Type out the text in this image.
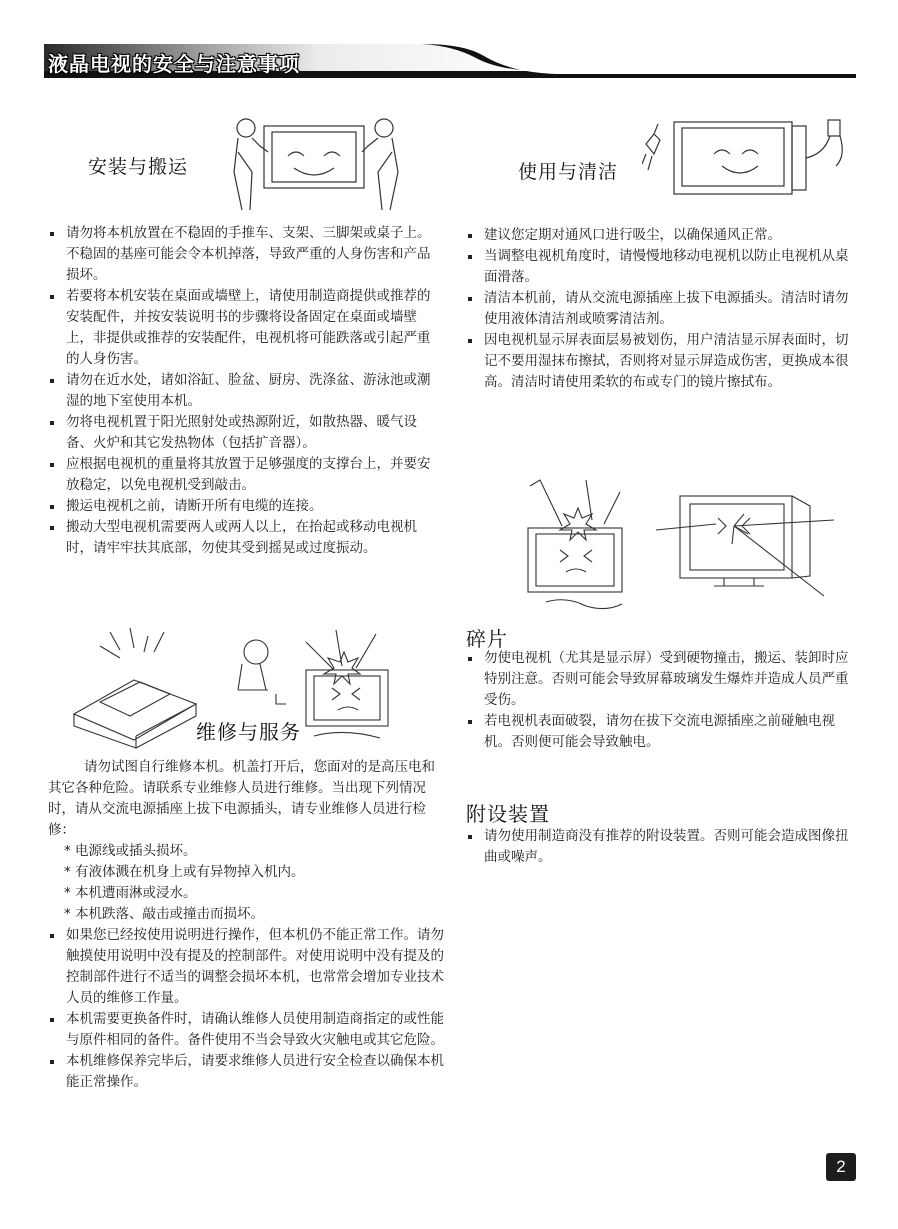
液晶电视的安全与注意事项
安装与搬运	使用与清洁
请勿将本机放置在不稳固的手推车、支架、三脚架或桌子上。不稳固的基座可能会令本机掉落，导致严重的人身伤害和产品损坏。
若要将本机安装在桌面或墙壁上，请使用制造商提供或推荐的安装配件，并按安装说明书的步骤将设备固定在桌面或墙壁上，非提供或推荐的安装配件，电视机将可能跌落或引起严重的人身伤害。
请勿在近水处，诸如浴缸、脸盆、厨房、洗涤盆、游泳池或潮湿的地下室使用本机。
勿将电视机置于阳光照射处或热源附近，如散热器、暖气设备、火炉和其它发热物体（包括扩音器）。
应根据电视机的重量将其放置于足够强度的支撑台上，并要安放稳定，以免电视机受到敲击。
搬运电视机之前，请断开所有电缆的连接。
搬动大型电视机需要两人或两人以上，在抬起或移动电视机时，请牢牢扶其底部，勿使其受到摇晃或过度振动。
建议您定期对通风口进行吸尘，以确保通风正常。
当调整电视机角度时，请慢慢地移动电视机以防止电视机从桌面滑落。
清洁本机前，请从交流电源插座上拔下电源插头。清洁时请勿使用液体清洁剂或喷雾清洁剂。
因电视机显示屏表面层易被划伤，用户清洁显示屏表面时，切记不要用湿抹布擦拭，否则将对显示屏造成伤害，更换成本很高。清洁时请使用柔软的布或专门的镜片擦拭布。
碎片
勿使电视机（尤其是显示屏）受到硬物撞击，搬运、装卸时应特别注意。否则可能会导致屏幕玻璃发生爆炸并造成人员严重受伤。
若电视机表面破裂，请勿在拔下交流电源插座之前碰触电视机。否则便可能会导致触电。
维修与服务
请勿试图自行维修本机。机盖打开后，您面对的是高压电和其它各种危险。请联系专业维修人员进行维修。当出现下列情况时，请从交流电源插座上拔下电源插头，请专业维修人员进行检修：
* 电源线或插头损坏。
* 有液体溅在机身上或有异物掉入机内。
* 本机遭雨淋或浸水。
* 本机跌落、敲击或撞击而损坏。
如果您已经按使用说明进行操作，但本机仍不能正常工作。请勿触摸使用说明中没有提及的控制部件。对使用说明中没有提及的控制部件进行不适当的调整会损坏本机，也常常会增加专业技术人员的维修工作量。
本机需要更换备件时，请确认维修人员使用制造商指定的或性能与原件相同的备件。备件使用不当会导致火灾触电或其它危险。
本机维修保养完毕后，请要求维修人员进行安全检查以确保本机能正常操作。
附设装置
请勿使用制造商没有推荐的附设装置。否则可能会造成图像扭曲或噪声。
2
